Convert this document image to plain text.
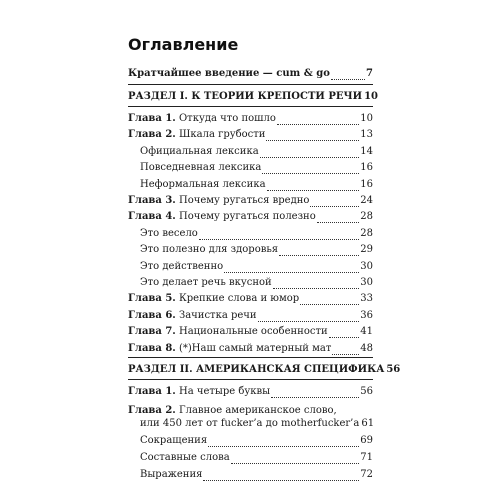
Оглавление
Кратчайшее введение — cum & go	7
РАЗДЕЛ I. К ТЕОРИИ КРЕПОСТИ РЕЧИ 10
Глава 1. Откуда что пошло	10
Глава 2. Шкала грубости	13
Официальная лексика	14
Повседневная лексика	16
Неформальная лексика	16
Глава 3. Почему ругаться вредно	24
Глава 4. Почему ругаться полезно	28
Это весело	28
Это полезно для здоровья	29
Это действенно	30
Это делает речь вкусной	30
Глава 5. Крепкие слова и юмор	33
Глава 6. Зачистка речи	36
Глава 7. Национальные особенности	41
Глава 8. (*)Наш самый матерный мат	48
РАЗДЕЛ II. АМЕРИКАНСКАЯ СПЕЦИФИКА 56
Глава 1. На четыре буквы	56
Глава 2. Главное американское слово,
или 450 лет от fucker’а до motherfucker’а 61
Сокращения	69
Составные слова	71
Выражения	72
